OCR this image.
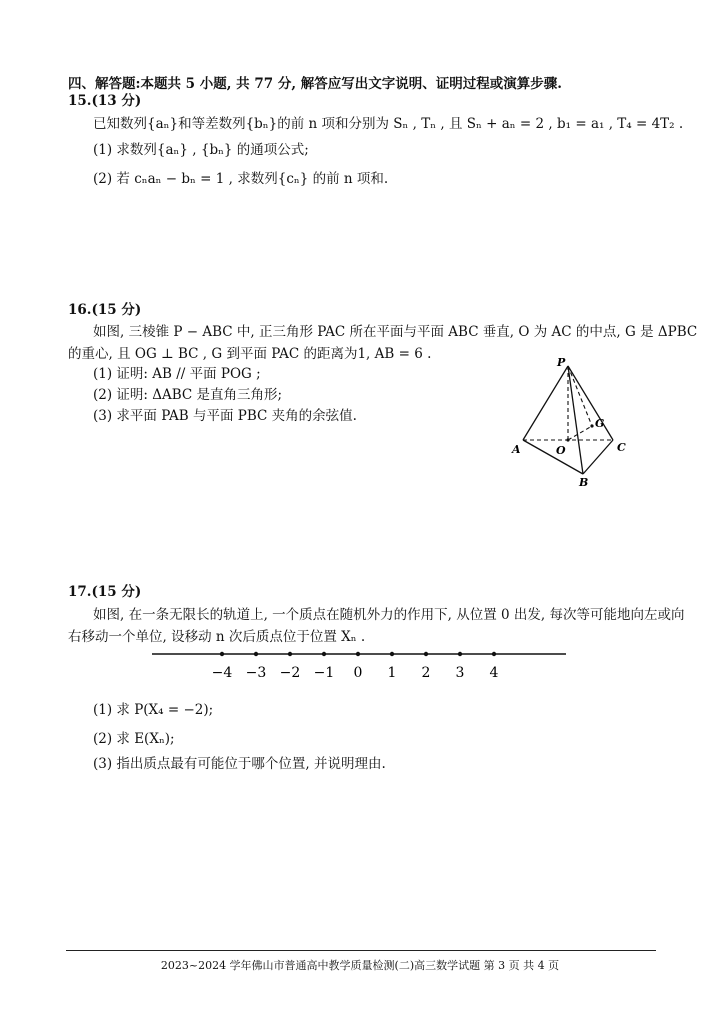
四、解答题:本题共 5 小题, 共 77 分, 解答应写出文字说明、证明过程或演算步骤.
15.(13 分)
已知数列{aₙ}和等差数列{bₙ}的前 n 项和分别为 Sₙ , Tₙ , 且 Sₙ + aₙ = 2 , b₁ = a₁ , T₄ = 4T₂ .
(1) 求数列{aₙ} , {bₙ} 的通项公式;
(2) 若 cₙaₙ − bₙ = 1 , 求数列{cₙ} 的前 n 项和.
16.(15 分)
如图, 三棱锥 P − ABC 中, 正三角形 PAC 所在平面与平面 ABC 垂直, O 为 AC 的中点, G 是 ΔPBC
的重心, 且 OG ⊥ BC , G 到平面 PAC 的距离为1, AB = 6 .
(1) 证明: AB // 平面 POG ;
(2) 证明: ΔABC 是直角三角形;
(3) 求平面 PAB 与平面 PBC 夹角的余弦值.
P
A	O
G
C
B
17.(15 分)
如图, 在一条无限长的轨道上, 一个质点在随机外力的作用下, 从位置 0 出发, 每次等可能地向左或向
右移动一个单位, 设移动 n 次后质点位于位置 Xₙ .
−4 −3 −2 −1 0 1 2 3 4
(1) 求 P(X₄ = −2);
(2) 求 E(Xₙ);
(3) 指出质点最有可能位于哪个位置, 并说明理由.
2023~2024 学年佛山市普通高中教学质量检测(二)高三数学试题 第 3 页 共 4 页
